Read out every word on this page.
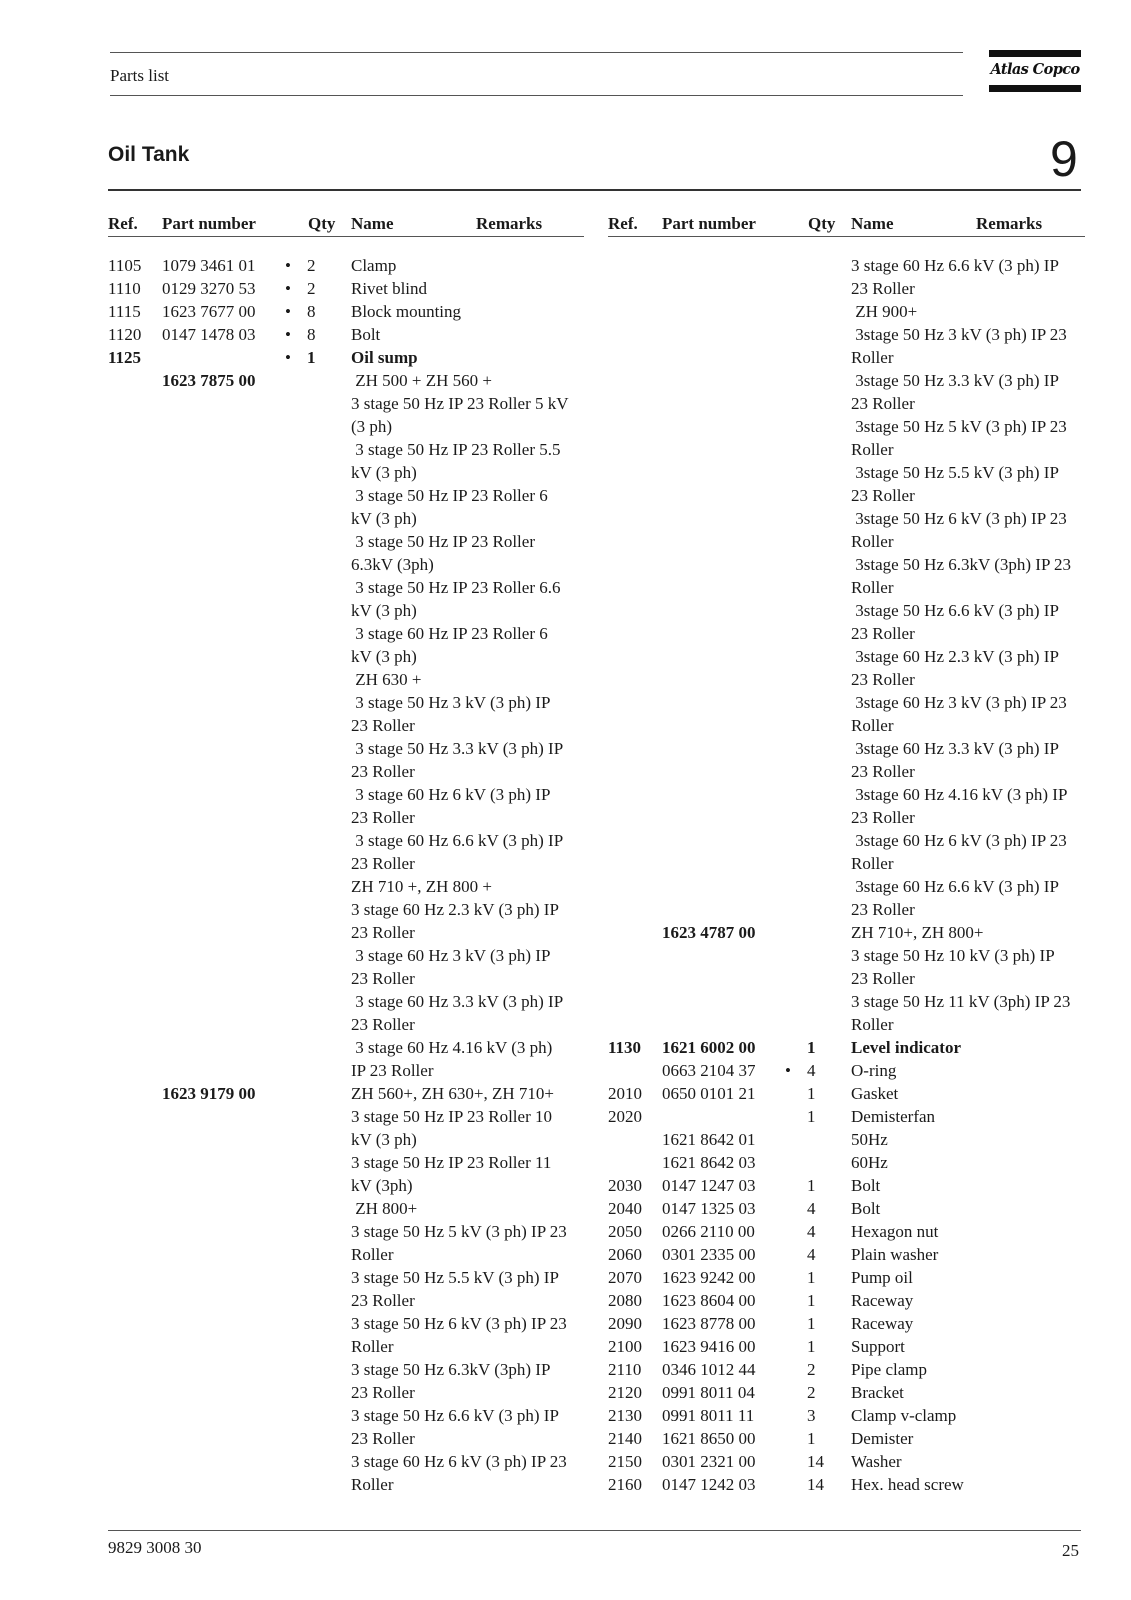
Parts list	Atlas Copco
Oil Tank	9
Ref. Part number	Qty Name	Remarks	Ref. Part number	Qty Name	Remarks
1105 1079 3461 01 • 2 Clamp
1110 0129 3270 53 • 2 Rivet blind
1115 1623 7677 00 • 8 Block mounting
1120 0147 1478 03 • 8 Bolt
1125	• 1 Oil sump
1623 7875 00	ZH 500 + ZH 560 +
3 stage 50 Hz IP 23 Roller 5 kV
(3 ph)
3 stage 50 Hz IP 23 Roller 5.5
kV (3 ph)
3 stage 50 Hz IP 23 Roller 6
kV (3 ph)
3 stage 50 Hz IP 23 Roller
6.3kV (3ph)
3 stage 50 Hz IP 23 Roller 6.6
kV (3 ph)
3 stage 60 Hz IP 23 Roller 6
kV (3 ph)
ZH 630 +
3 stage 50 Hz 3 kV (3 ph) IP
23 Roller
3 stage 50 Hz 3.3 kV (3 ph) IP
23 Roller
3 stage 60 Hz 6 kV (3 ph) IP
23 Roller
3 stage 60 Hz 6.6 kV (3 ph) IP
23 Roller
ZH 710 +, ZH 800 +
3 stage 60 Hz 2.3 kV (3 ph) IP
23 Roller
3 stage 60 Hz 3 kV (3 ph) IP
23 Roller
3 stage 60 Hz 3.3 kV (3 ph) IP
23 Roller
3 stage 60 Hz 4.16 kV (3 ph)
IP 23 Roller
1623 9179 00	ZH 560+, ZH 630+, ZH 710+
3 stage 50 Hz IP 23 Roller 10
kV (3 ph)
3 stage 50 Hz IP 23 Roller 11
kV (3ph)
ZH 800+
3 stage 50 Hz 5 kV (3 ph) IP 23
Roller
3 stage 50 Hz 5.5 kV (3 ph) IP
23 Roller
3 stage 50 Hz 6 kV (3 ph) IP 23
Roller
3 stage 50 Hz 6.3kV (3ph) IP
23 Roller
3 stage 50 Hz 6.6 kV (3 ph) IP
23 Roller
3 stage 60 Hz 6 kV (3 ph) IP 23
Roller
3 stage 60 Hz 6.6 kV (3 ph) IP
23 Roller
ZH 900+
3stage 50 Hz 3 kV (3 ph) IP 23
Roller
3stage 50 Hz 3.3 kV (3 ph) IP
23 Roller
3stage 50 Hz 5 kV (3 ph) IP 23
Roller
3stage 50 Hz 5.5 kV (3 ph) IP
23 Roller
3stage 50 Hz 6 kV (3 ph) IP 23
Roller
3stage 50 Hz 6.3kV (3ph) IP 23
Roller
3stage 50 Hz 6.6 kV (3 ph) IP
23 Roller
3stage 60 Hz 2.3 kV (3 ph) IP
23 Roller
3stage 60 Hz 3 kV (3 ph) IP 23
Roller
3stage 60 Hz 3.3 kV (3 ph) IP
23 Roller
3stage 60 Hz 4.16 kV (3 ph) IP
23 Roller
3stage 60 Hz 6 kV (3 ph) IP 23
Roller
3stage 60 Hz 6.6 kV (3 ph) IP
23 Roller
1623 4787 00	ZH 710+, ZH 800+
3 stage 50 Hz 10 kV (3 ph) IP
23 Roller
3 stage 50 Hz 11 kV (3ph) IP 23
Roller
1130 1621 6002 00	1 Level indicator
0663 2104 37 • 4 O-ring
2010 0650 0101 21	1 Gasket
2020	1 Demisterfan
1621 8642 01	50Hz
1621 8642 03	60Hz
2030 0147 1247 03	1 Bolt
2040 0147 1325 03	4 Bolt
2050 0266 2110 00	4 Hexagon nut
2060 0301 2335 00	4 Plain washer
2070 1623 9242 00	1 Pump oil
2080 1623 8604 00	1 Raceway
2090 1623 8778 00	1 Raceway
2100 1623 9416 00	1 Support
2110 0346 1012 44	2 Pipe clamp
2120 0991 8011 04	2 Bracket
2130 0991 8011 11	3 Clamp v-clamp
2140 1621 8650 00	1 Demister
2150 0301 2321 00	14 Washer
2160 0147 1242 03	14 Hex. head screw
9829 3008 30	25
